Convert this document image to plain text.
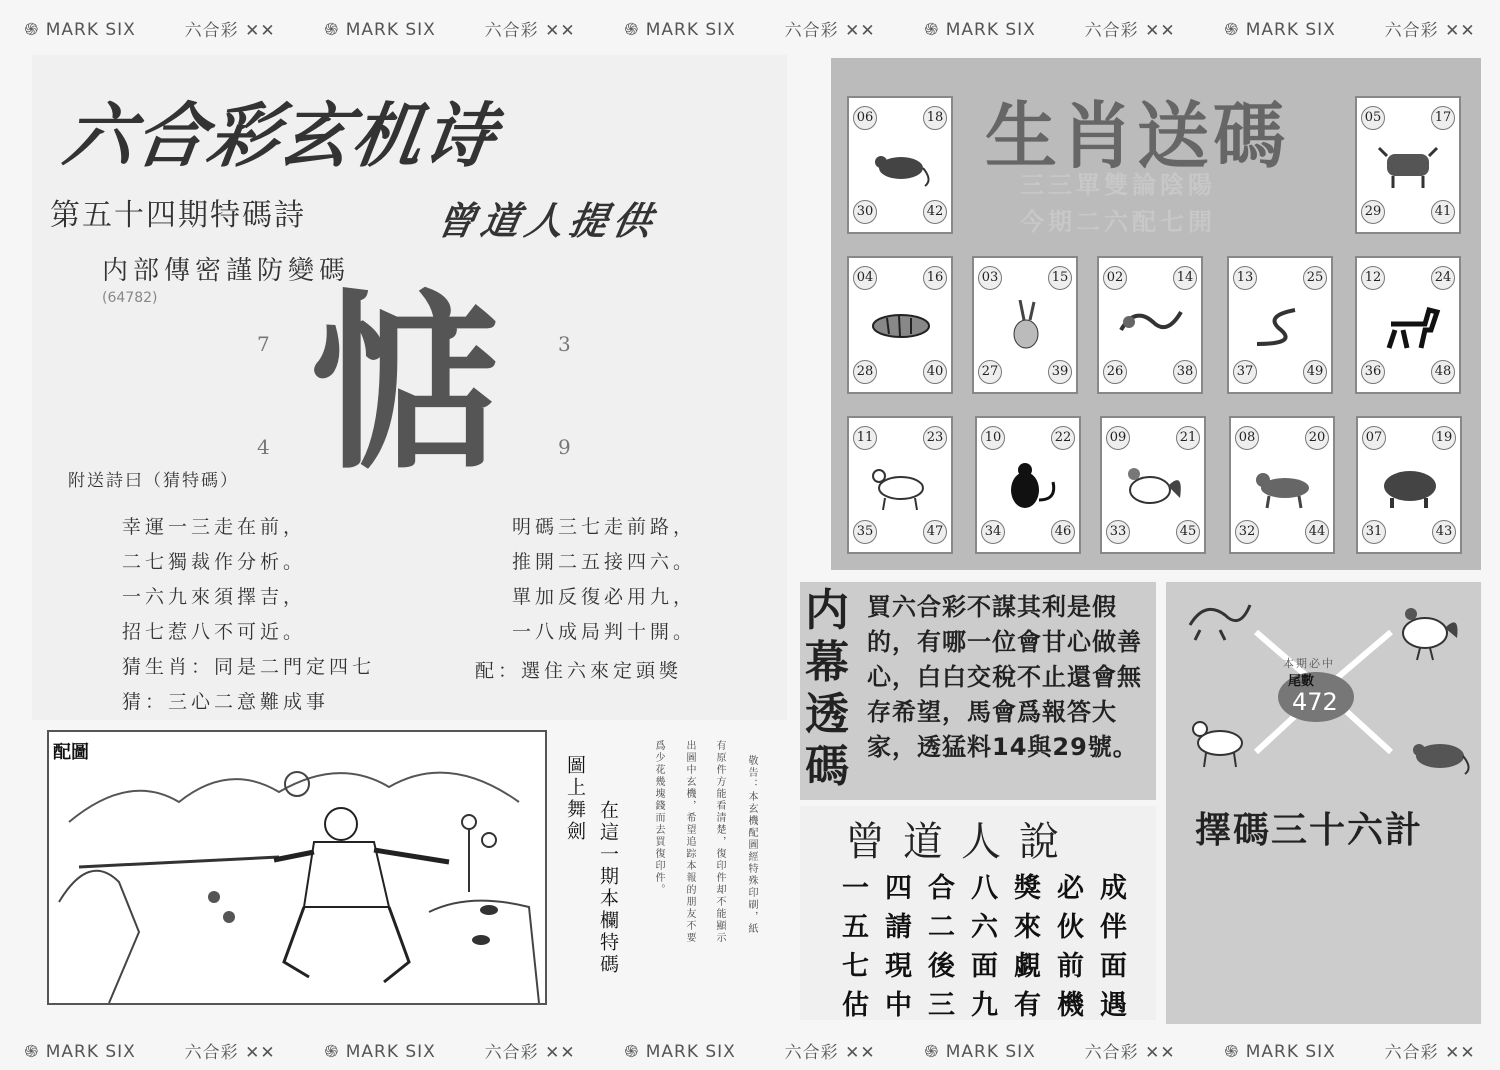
֍ MARK SIX	六合彩 ✕✕	֍ MARK SIX	六合彩 ✕✕	֍ MARK SIX	六合彩 ✕✕	֍ MARK SIX	六合彩 ✕✕	֍ MARK SIX	六合彩 ✕✕
֍ MARK SIX	六合彩 ✕✕	֍ MARK SIX	六合彩 ✕✕	֍ MARK SIX	六合彩 ✕✕	֍ MARK SIX	六合彩 ✕✕	֍ MARK SIX	六合彩 ✕✕
六合彩玄机诗
第五十四期特碼詩	曾道人提供
内部傳密謹防變碼
(64782) 惦
7	3
4	9
附送詩曰（猜特碼）
幸運一三走在前，
二七獨裁作分析。
一六九來須擇吉，
招七惹八不可近。
明碼三七走前路，
推開二五接四六。
單加反復必用九，
一八成局判十開。
猜生肖：同是二門定四七
猜：三心二意難成事
配：選住六來定頭獎
配圖
圖上舞劍
在這一期本欄特碼	敬告：本玄機配圖經特殊印刷，紙
有原件方能看清楚，復印件却不能顯示
出圖中玄機，希望追踪本報的朋友不要
爲少花幾塊錢而去買復印件。
生肖送碼
三三單雙論陰陽
今期二六配七開
06	18
30	42
05	17
29	41
04	16
28	40
03	15
27	39
02	14
26	38
13	25
37	49
12	24
36	48
11	23
35	47
10	22
34	46
09	21
33	45
08	20
32	44
07	19
31	43
内幕透碼
買六合彩不謀其利是假的，有哪一位會甘心做善心，白白交稅不止還會無存希望，馬會爲報答大家，透猛料14與29號。
本期必中
尾數
472
擇碼三十六計
曾道人說
一四合八獎必成
五請二六來伙伴
七現後面覷前面
估中三九有機遇
